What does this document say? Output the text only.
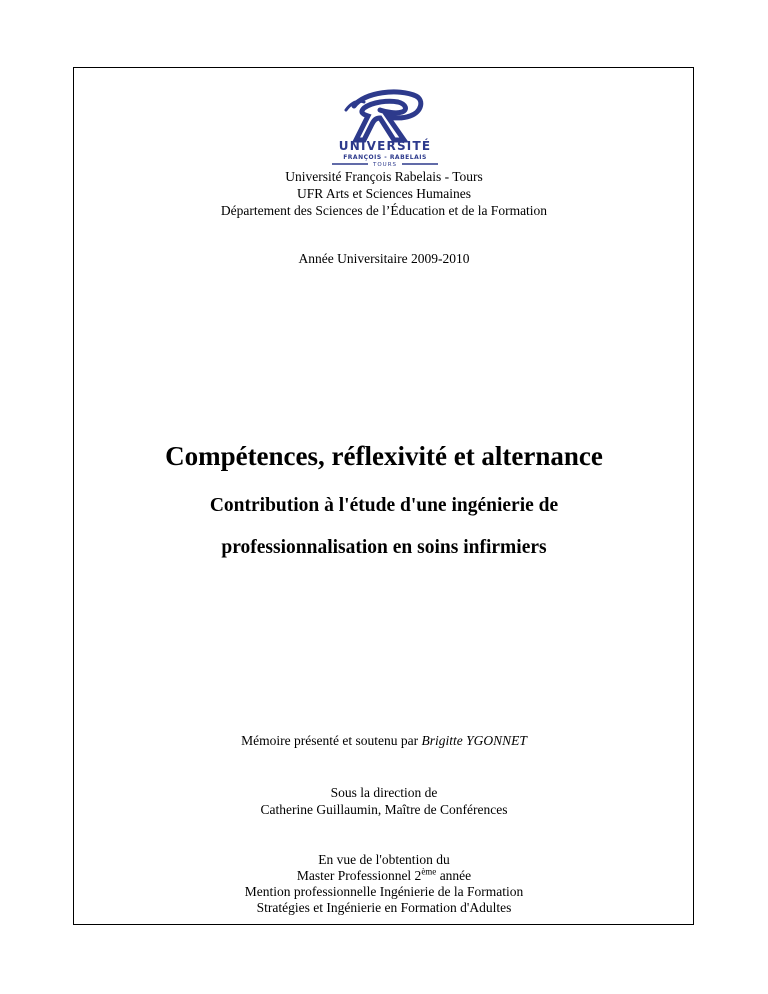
UNIVERSITÉ
FRANÇOIS - RABELAIS
TOURS
Université François Rabelais - Tours
UFR Arts et Sciences Humaines
Département des Sciences de l’Éducation et de la Formation
Année Universitaire 2009-2010
Compétences, réflexivité et alternance
Contribution à l'étude d'une ingénierie de
professionnalisation en soins infirmiers
Mémoire présenté et soutenu par Brigitte YGONNET
Sous la direction de
Catherine Guillaumin, Maître de Conférences
En vue de l'obtention du
Master Professionnel 2ème année
Mention professionnelle Ingénierie de la Formation
Stratégies et Ingénierie en Formation d'Adultes
